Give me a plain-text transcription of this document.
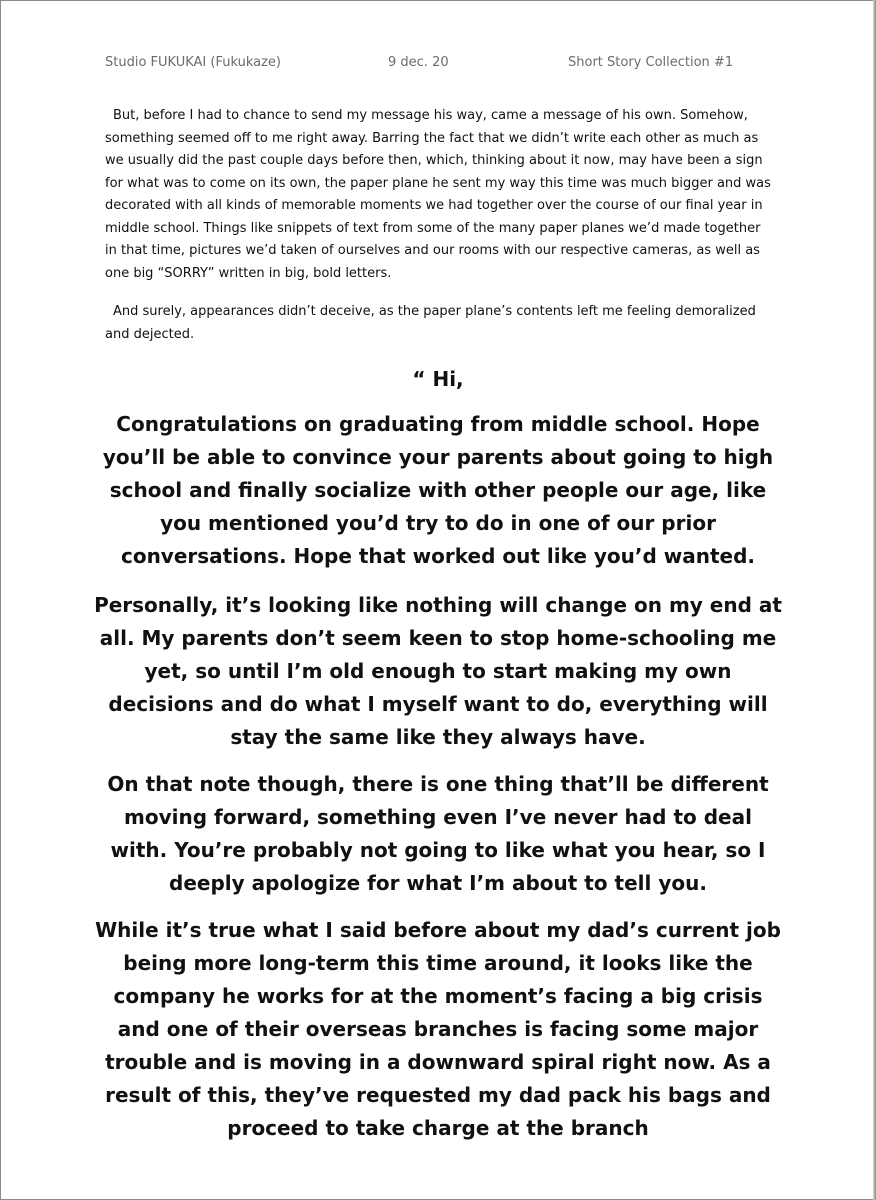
Studio FUKUKAI (Fukukaze)	9 dec. 20	Short Story Collection #1

But, before I had to chance to send my message his way, came a message of his own. Somehow, something seemed off to me right away. Barring the fact that we didn’t write each other as much as we usually did the past couple days before then, which, thinking about it now, may have been a sign for what was to come on its own, the paper plane he sent my way this time was much bigger and was decorated with all kinds of memorable moments we had together over the course of our final year in middle school. Things like snippets of text from some of the many paper planes we’d made together in that time, pictures we’d taken of ourselves and our rooms with our respective cameras, as well as one big “SORRY” written in big, bold letters.

And surely, appearances didn’t deceive, as the paper plane’s contents left me feeling demoralized and dejected.

“ Hi,

Congratulations on graduating from middle school. Hope you’ll be able to convince your parents about going to high school and finally socialize with other people our age, like you mentioned you’d try to do in one of our prior conversations. Hope that worked out like you’d wanted.

Personally, it’s looking like nothing will change on my end at all. My parents don’t seem keen to stop home-schooling me yet, so until I’m old enough to start making my own decisions and do what I myself want to do, everything will stay the same like they always have.

On that note though, there is one thing that’ll be different moving forward, something even I’ve never had to deal with. You’re probably not going to like what you hear, so I deeply apologize for what I’m about to tell you.

While it’s true what I said before about my dad’s current job being more long-term this time around, it looks like the company he works for at the moment’s facing a big crisis and one of their overseas branches is facing some major trouble and is moving in a downward spiral right now. As a result of this, they’ve requested my dad pack his bags and proceed to take charge at the branch
